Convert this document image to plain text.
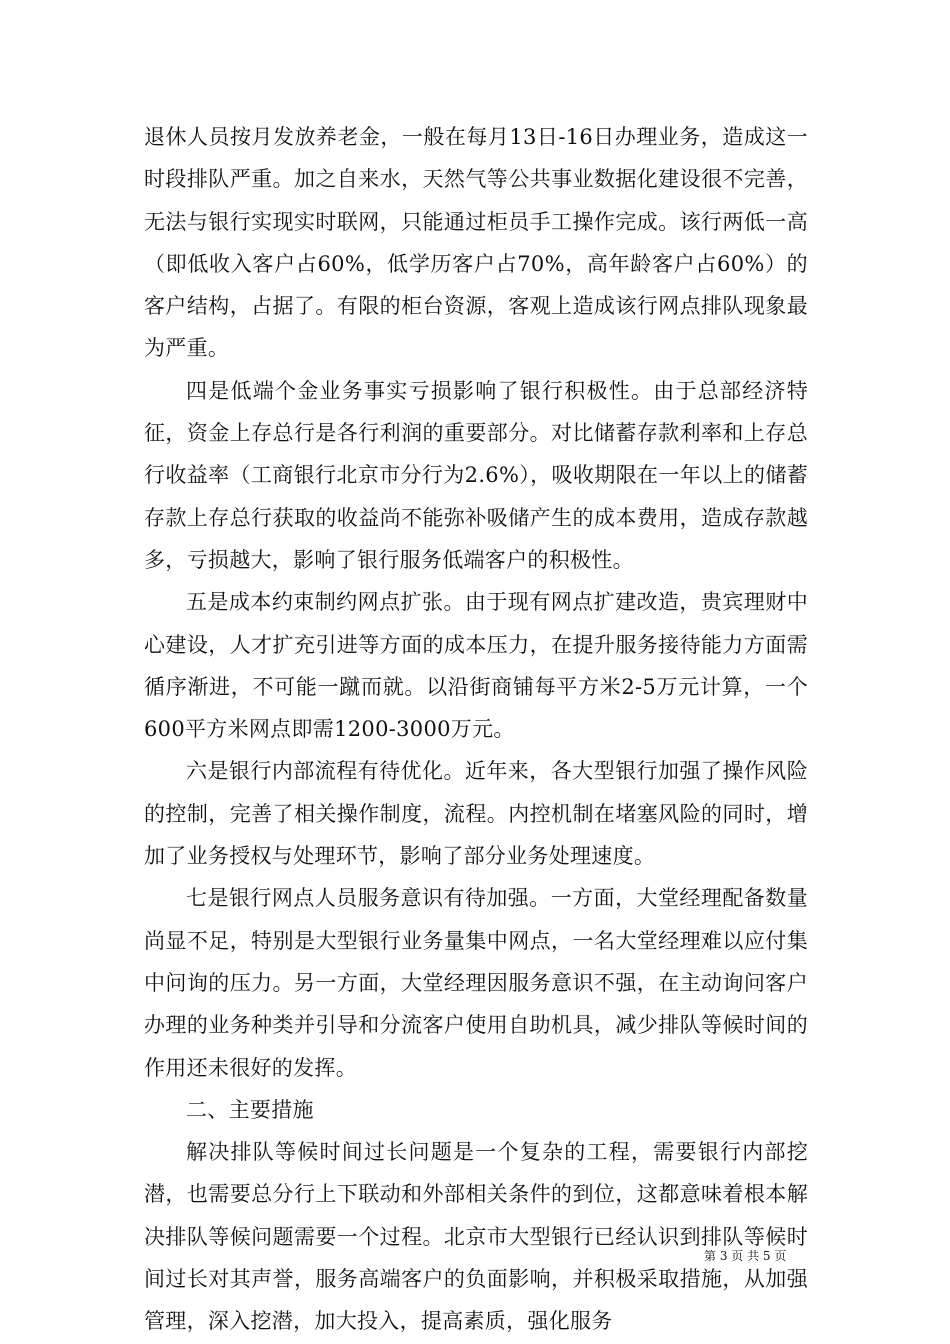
退休人员按月发放养老金，一般在每月13日-16日办理业务，造成这一时段排队严重。加之自来水，天然气等公共事业数据化建设很不完善，无法与银行实现实时联网，只能通过柜员手工操作完成。该行两低一高（即低收入客户占60%，低学历客户占70%，高年龄客户占60%）的客户结构，占据了。有限的柜台资源，客观上造成该行网点排队现象最为严重。

四是低端个金业务事实亏损影响了银行积极性。由于总部经济特征，资金上存总行是各行利润的重要部分。对比储蓄存款利率和上存总行收益率（工商银行北京市分行为2.6%），吸收期限在一年以上的储蓄存款上存总行获取的收益尚不能弥补吸储产生的成本费用，造成存款越多，亏损越大，影响了银行服务低端客户的积极性。

五是成本约束制约网点扩张。由于现有网点扩建改造，贵宾理财中心建设，人才扩充引进等方面的成本压力，在提升服务接待能力方面需循序渐进，不可能一蹴而就。以沿街商铺每平方米2-5万元计算，一个600平方米网点即需1200-3000万元。

六是银行内部流程有待优化。近年来，各大型银行加强了操作风险的控制，完善了相关操作制度，流程。内控机制在堵塞风险的同时，增加了业务授权与处理环节，影响了部分业务处理速度。

七是银行网点人员服务意识有待加强。一方面，大堂经理配备数量尚显不足，特别是大型银行业务量集中网点，一名大堂经理难以应付集中问询的压力。另一方面，大堂经理因服务意识不强，在主动询问客户办理的业务种类并引导和分流客户使用自助机具，减少排队等候时间的作用还未很好的发挥。

二、主要措施

解决排队等候时间过长问题是一个复杂的工程，需要银行内部挖潜，也需要总分行上下联动和外部相关条件的到位，这都意味着根本解决排队等候问题需要一个过程。北京市大型银行已经认识到排队等候时间过长对其声誉，服务高端客户的负面影响，并积极采取措施，从加强管理，深入挖潜，加大投入，提高素质，强化服务

第 3 页 共 5 页
